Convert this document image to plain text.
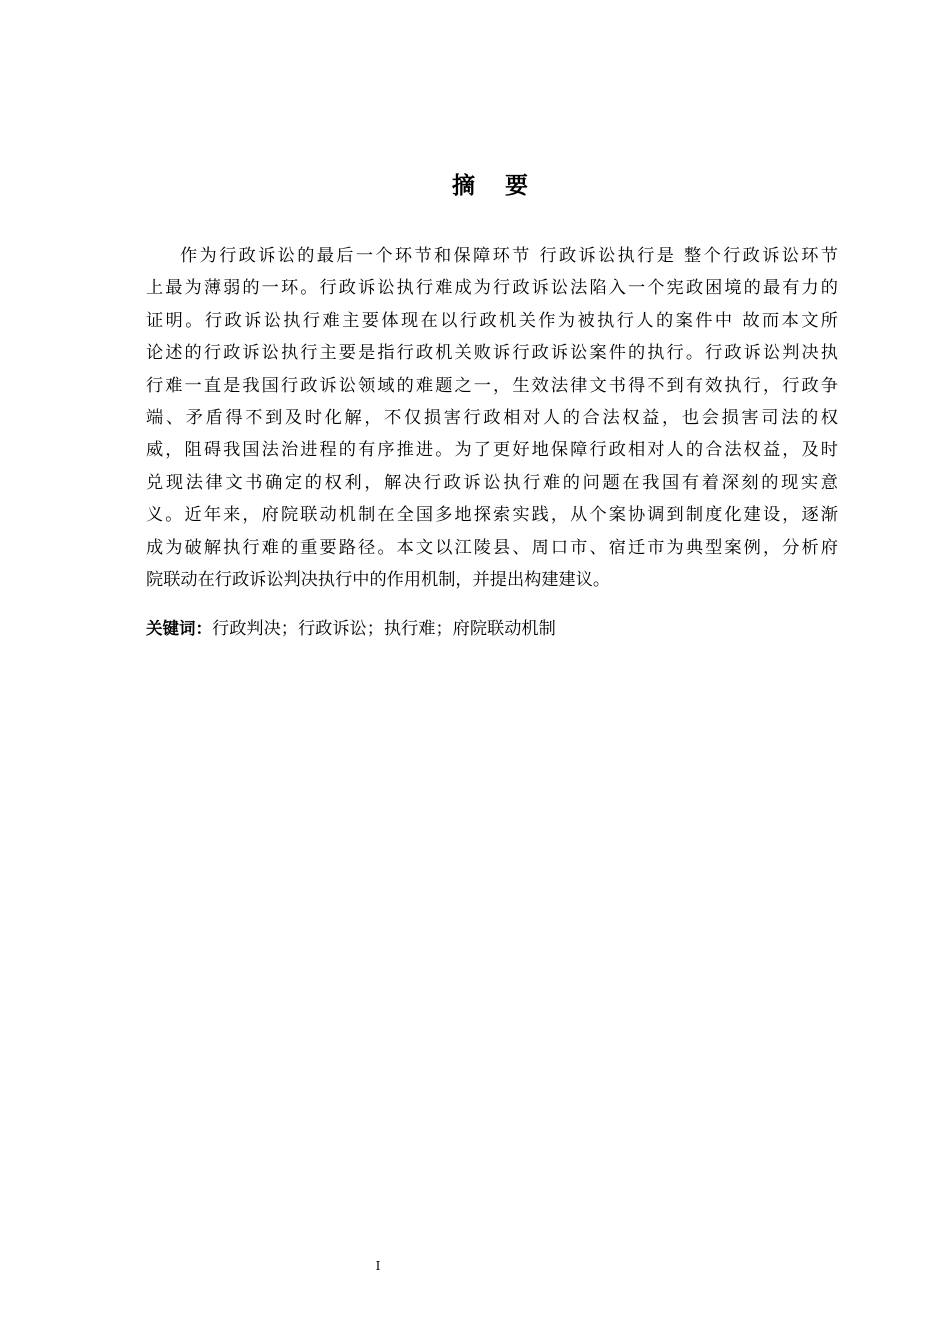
摘 要
作为行政诉讼的最后一个环节和保障环节 行政诉讼执行是 整个行政诉讼环节
上最为薄弱的一环。行政诉讼执行难成为行政诉讼法陷入一个宪政困境的最有力的
证明。行政诉讼执行难主要体现在以行政机关作为被执行人的案件中 故而本文所
论述的行政诉讼执行主要是指行政机关败诉行政诉讼案件的执行。行政诉讼判决执
行难一直是我国行政诉讼领域的难题之一，生效法律文书得不到有效执行，行政争
端、矛盾得不到及时化解，不仅损害行政相对人的合法权益，也会损害司法的权
威，阻碍我国法治进程的有序推进。为了更好地保障行政相对人的合法权益，及时
兑现法律文书确定的权利，解决行政诉讼执行难的问题在我国有着深刻的现实意
义。近年来，府院联动机制在全国多地探索实践，从个案协调到制度化建设，逐渐
成为破解执行难的重要路径。本文以江陵县、周口市、宿迁市为典型案例，分析府
院联动在行政诉讼判决执行中的作用机制，并提出构建建议。
关键词：行政判决；行政诉讼；执行难；府院联动机制
I
